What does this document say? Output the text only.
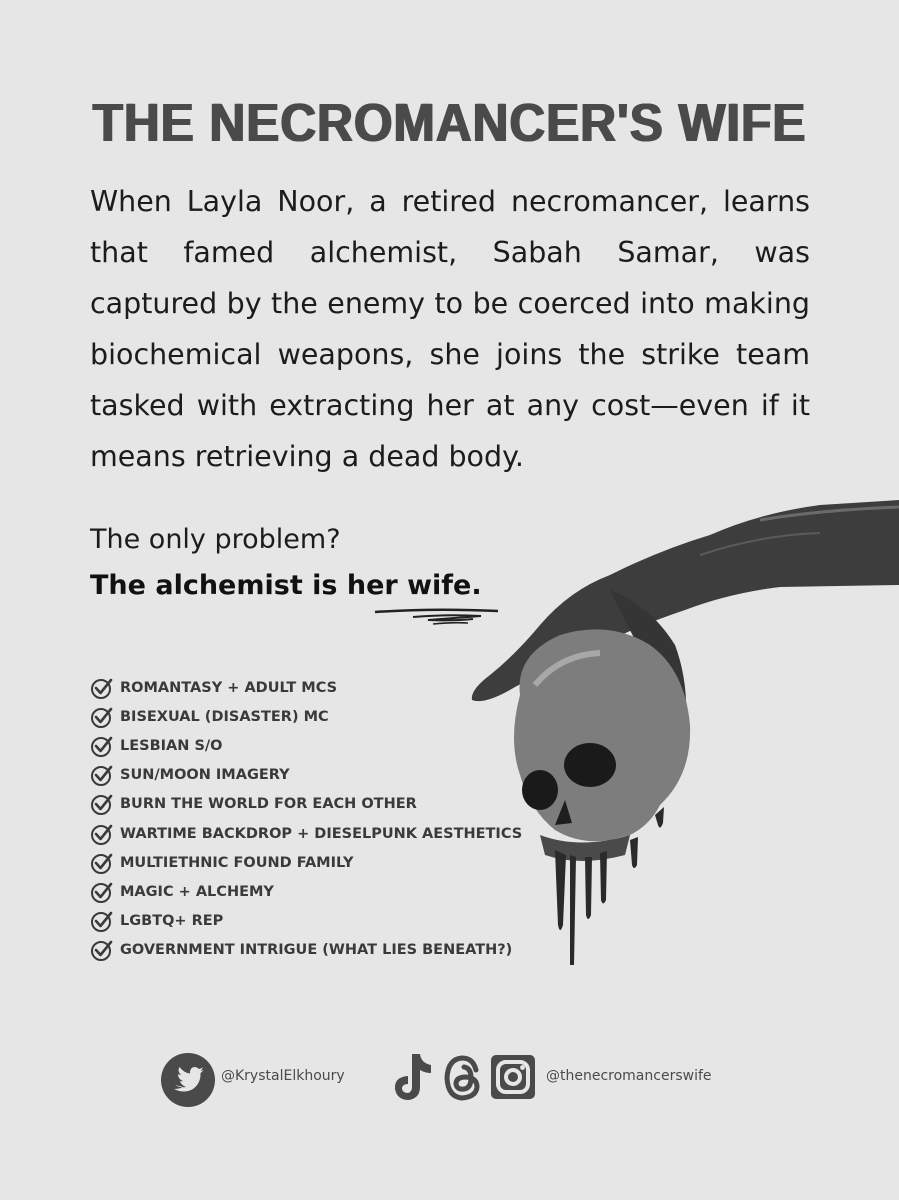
THE NECROMANCER'S WIFE

When Layla Noor, a retired necromancer, learns that famed alchemist, Sabah Samar, was captured by the enemy to be coerced into making biochemical weapons, she joins the strike team tasked with extracting her at any cost—even if it means retrieving a dead body.

The only problem?
The alchemist is her wife.
ROMANTASY + ADULT MCS
BISEXUAL (DISASTER) MC
LESBIAN S/O
SUN/MOON IMAGERY
BURN THE WORLD FOR EACH OTHER
WARTIME BACKDROP + DIESELPUNK AESTHETICS
MULTIETHNIC FOUND FAMILY
MAGIC + ALCHEMY
LGBTQ+ REP
GOVERNMENT INTRIGUE (WHAT LIES BENEATH?)
@KrystalElkhoury	@thenecromancerswife
